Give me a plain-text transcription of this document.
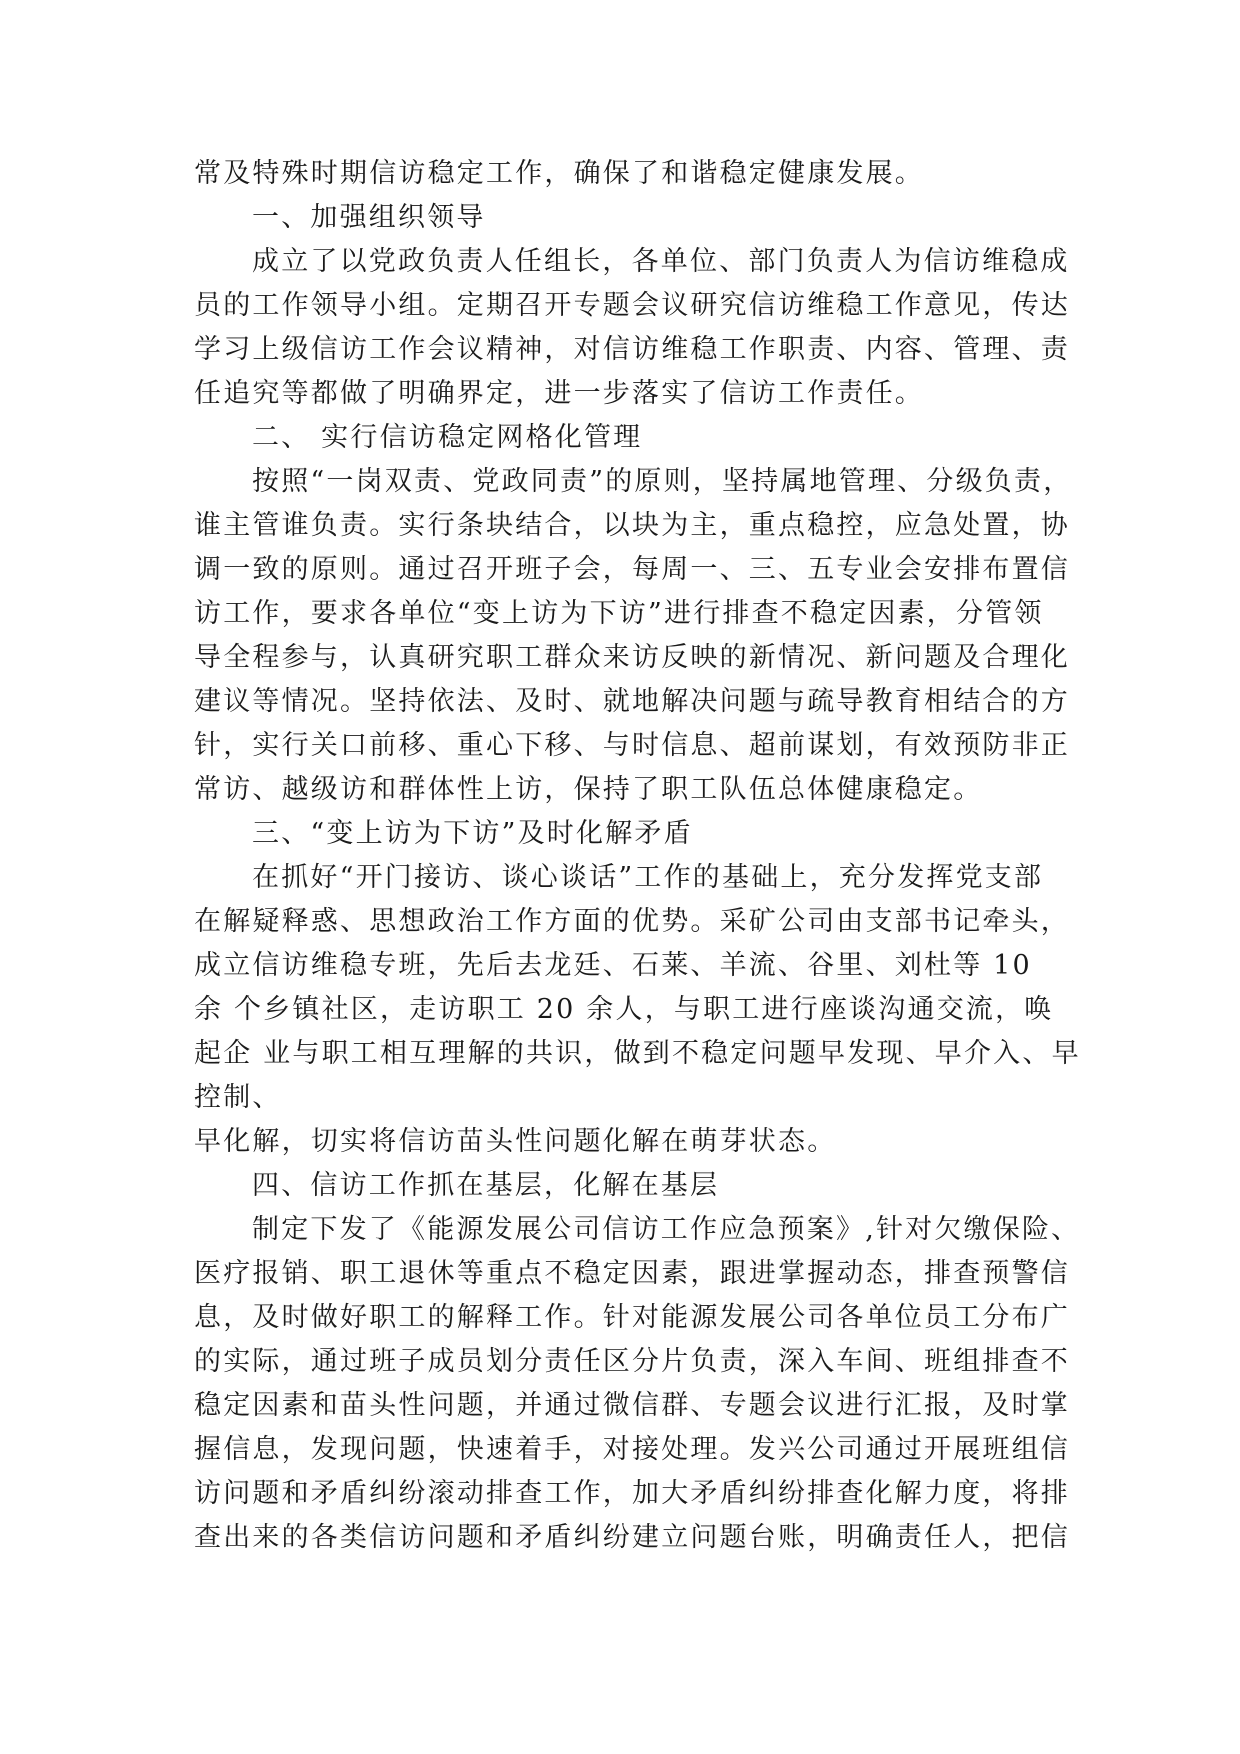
常及特殊时期信访稳定工作，确保了和谐稳定健康发展。
一、加强组织领导
成立了以党政负责人任组长，各单位、部门负责人为信访维稳成
员的工作领导小组。定期召开专题会议研究信访维稳工作意见，传达
学习上级信访工作会议精神，对信访维稳工作职责、内容、管理、责
任追究等都做了明确界定，进一步落实了信访工作责任。
二、 实行信访稳定网格化管理
按照“一岗双责、党政同责”的原则，坚持属地管理、分级负责，
谁主管谁负责。实行条块结合，以块为主，重点稳控，应急处置，协
调一致的原则。通过召开班子会，每周一、三、五专业会安排布置信
访工作，要求各单位“变上访为下访”进行排查不稳定因素，分管领
导全程参与，认真研究职工群众来访反映的新情况、新问题及合理化
建议等情况。坚持依法、及时、就地解决问题与疏导教育相结合的方
针，实行关口前移、重心下移、与时信息、超前谋划，有效预防非正
常访、越级访和群体性上访，保持了职工队伍总体健康稳定。
三、“变上访为下访”及时化解矛盾
在抓好“开门接访、谈心谈话”工作的基础上，充分发挥党支部
在解疑释惑、思想政治工作方面的优势。采矿公司由支部书记牵头，
成立信访维稳专班，先后去龙廷、石莱、羊流、谷里、刘杜等 10
余 个乡镇社区，走访职工 20 余人，与职工进行座谈沟通交流，唤
起企 业与职工相互理解的共识，做到不稳定问题早发现、早介入、早
控制、
早化解，切实将信访苗头性问题化解在萌芽状态。
四、信访工作抓在基层，化解在基层
制定下发了《能源发展公司信访工作应急预案》,针对欠缴保险、
医疗报销、职工退休等重点不稳定因素，跟进掌握动态，排查预警信
息，及时做好职工的解释工作。针对能源发展公司各单位员工分布广
的实际，通过班子成员划分责任区分片负责，深入车间、班组排查不
稳定因素和苗头性问题，并通过微信群、专题会议进行汇报，及时掌
握信息，发现问题，快速着手，对接处理。发兴公司通过开展班组信
访问题和矛盾纠纷滚动排查工作，加大矛盾纠纷排查化解力度，将排
查出来的各类信访问题和矛盾纠纷建立问题台账，明确责任人，把信
